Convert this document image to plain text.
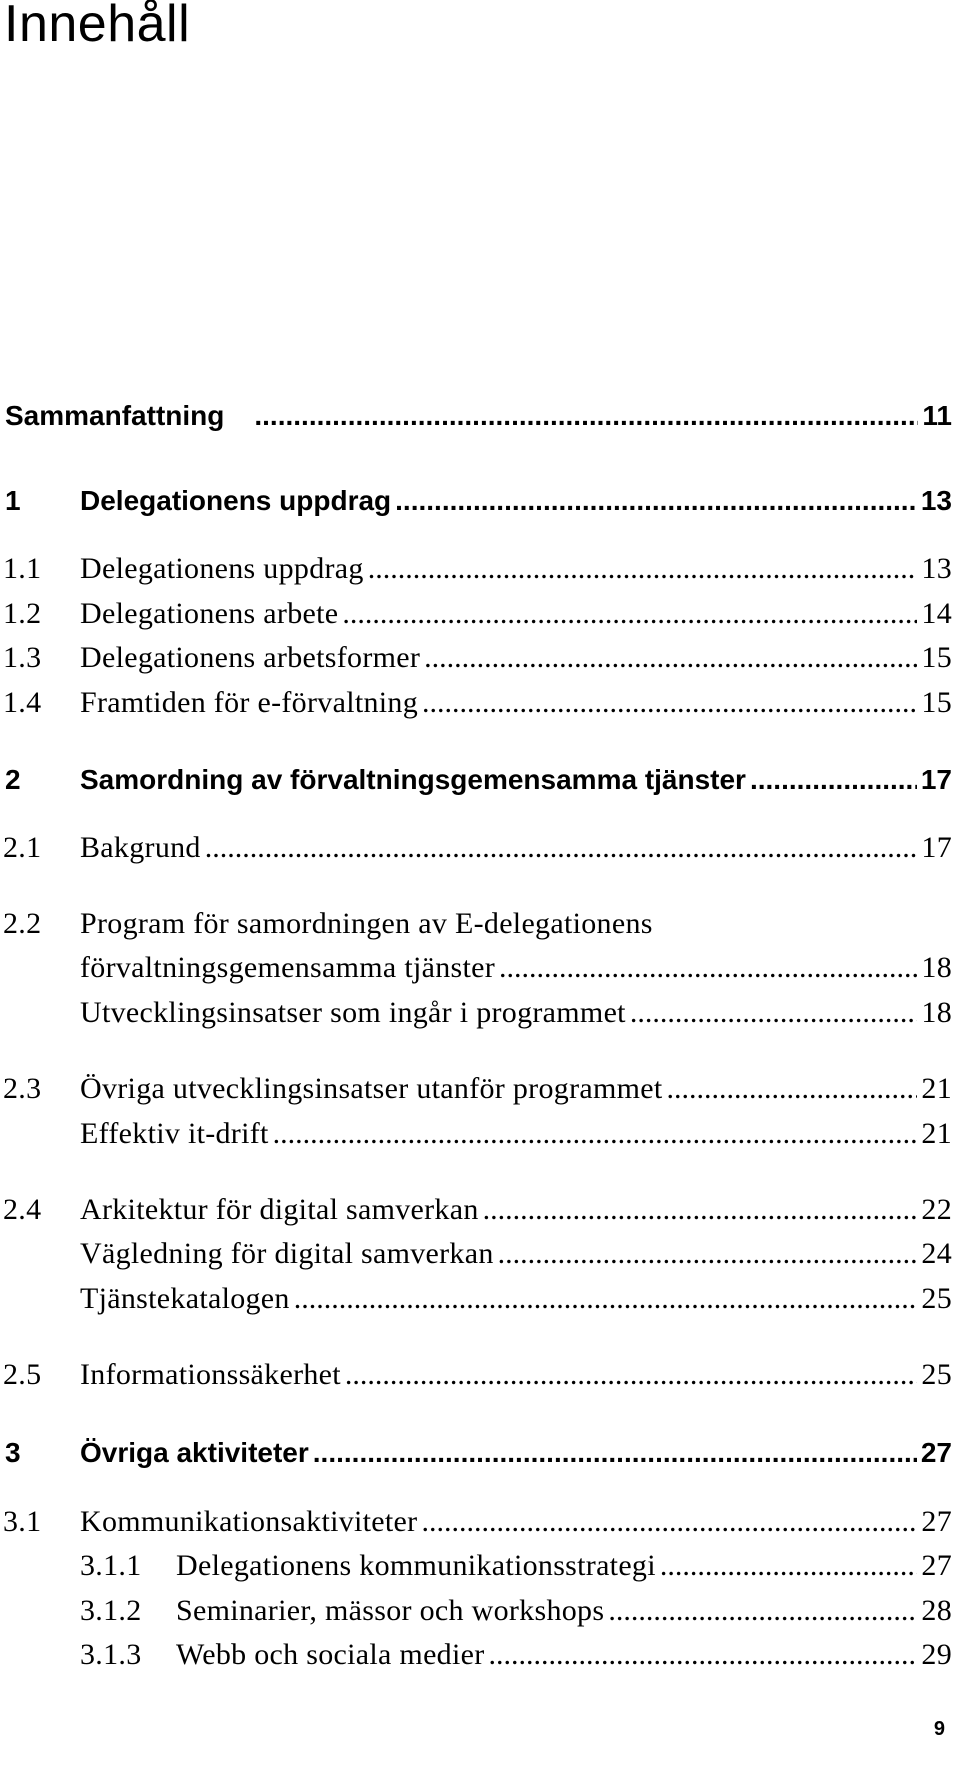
Innehåll
Sammanfattning .....	11
1	Delegationens uppdrag .....	13
1.1	Delegationens uppdrag .....	13
1.2	Delegationens arbete .....	14
1.3	Delegationens arbetsformer .....	15
1.4	Framtiden för e-förvaltning .....	15
2	Samordning av förvaltningsgemensamma tjänster .....	17
2.1	Bakgrund .....	17
2.2	Program för samordningen av E-delegationens
förvaltningsgemensamma tjänster .....	18
Utvecklingsinsatser som ingår i programmet .....	18
2.3	Övriga utvecklingsinsatser utanför programmet .....	21
Effektiv it-drift .....	21
2.4	Arkitektur för digital samverkan .....	22
Vägledning för digital samverkan .....	24
Tjänstekatalogen .....	25
2.5	Informationssäkerhet .....	25
3	Övriga aktiviteter .....	27
3.1	Kommunikationsaktiviteter .....	27
3.1.1	Delegationens kommunikationsstrategi .....	27
3.1.2	Seminarier, mässor och workshops .....	28
3.1.3	Webb och sociala medier .....	29
9
